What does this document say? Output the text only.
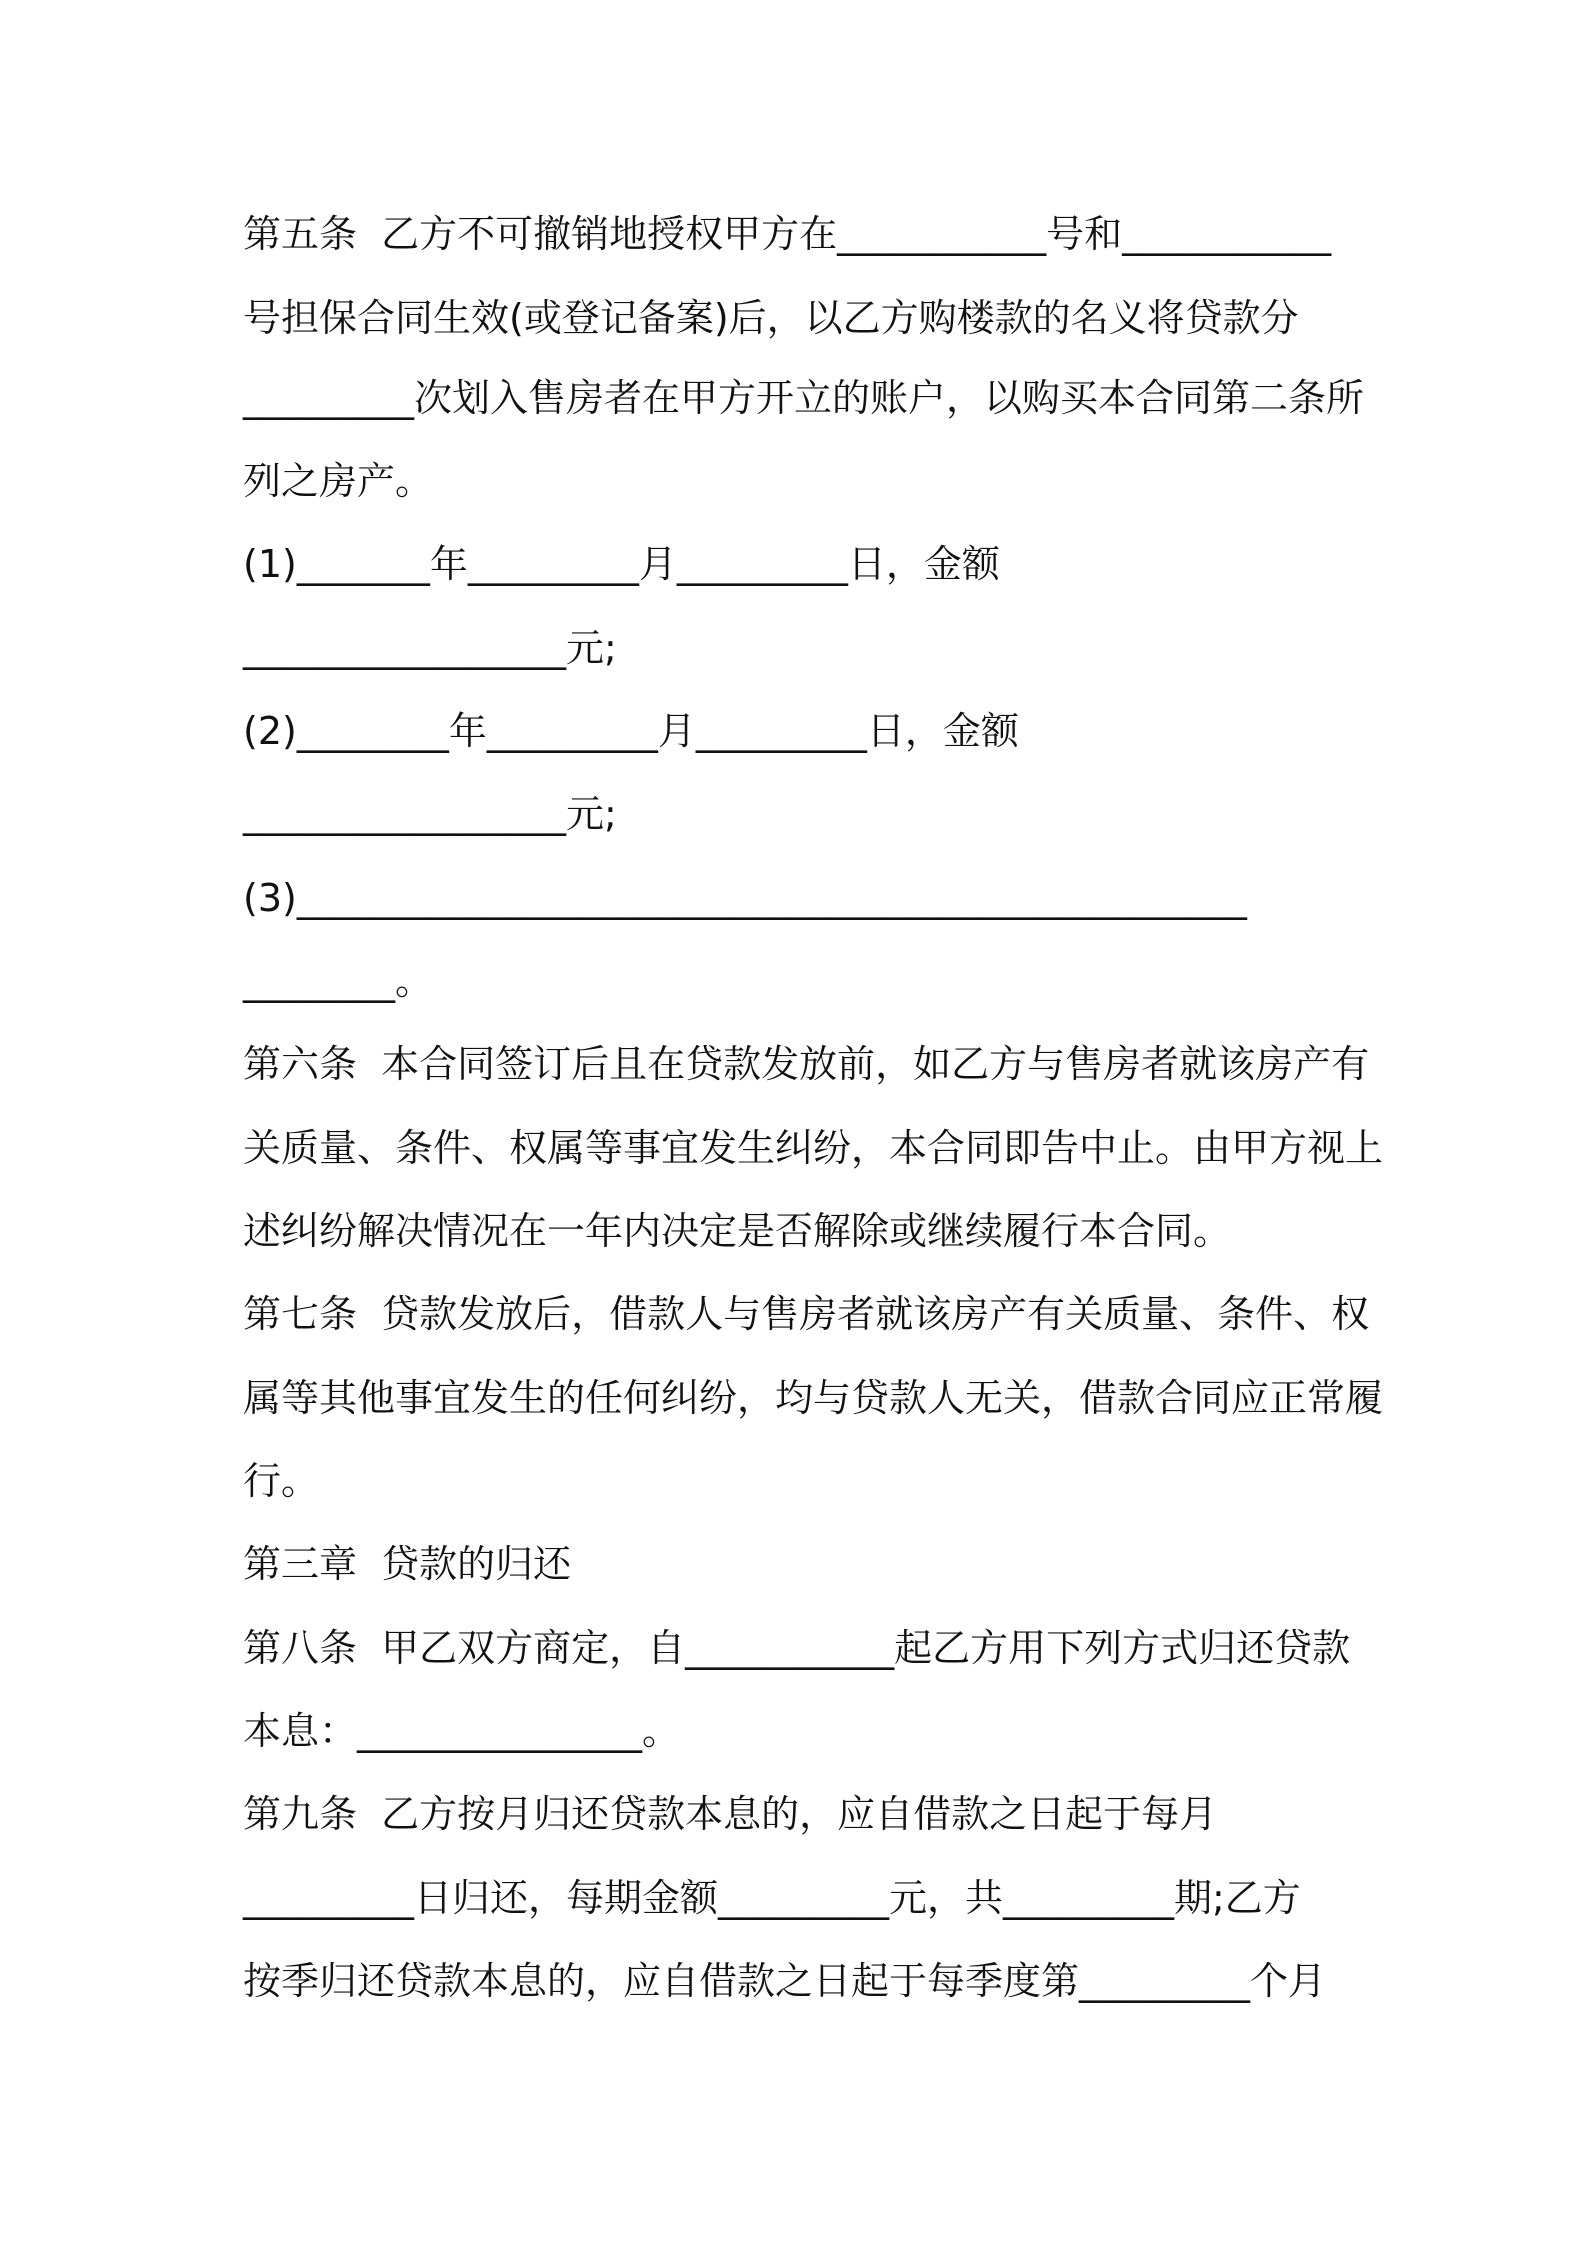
第五条  乙方不可撤销地授权甲方在___________号和___________
号担保合同生效(或登记备案)后，以乙方购楼款的名义将贷款分
_________次划入售房者在甲方开立的账户，以购买本合同第二条所
列之房产。
(1)_______年_________月_________日，金额
_________________元;
(2)________年_________月_________日，金额
_________________元;
(3)__________________________________________________
________。
第六条  本合同签订后且在贷款发放前，如乙方与售房者就该房产有
关质量、条件、权属等事宜发生纠纷，本合同即告中止。由甲方视上
述纠纷解决情况在一年内决定是否解除或继续履行本合同。
第七条  贷款发放后，借款人与售房者就该房产有关质量、条件、权
属等其他事宜发生的任何纠纷，均与贷款人无关，借款合同应正常履
行。
第三章  贷款的归还
第八条  甲乙双方商定，自___________起乙方用下列方式归还贷款
本息：_______________。
第九条  乙方按月归还贷款本息的，应自借款之日起于每月
_________日归还，每期金额_________元，共_________期;乙方
按季归还贷款本息的，应自借款之日起于每季度第_________个月
